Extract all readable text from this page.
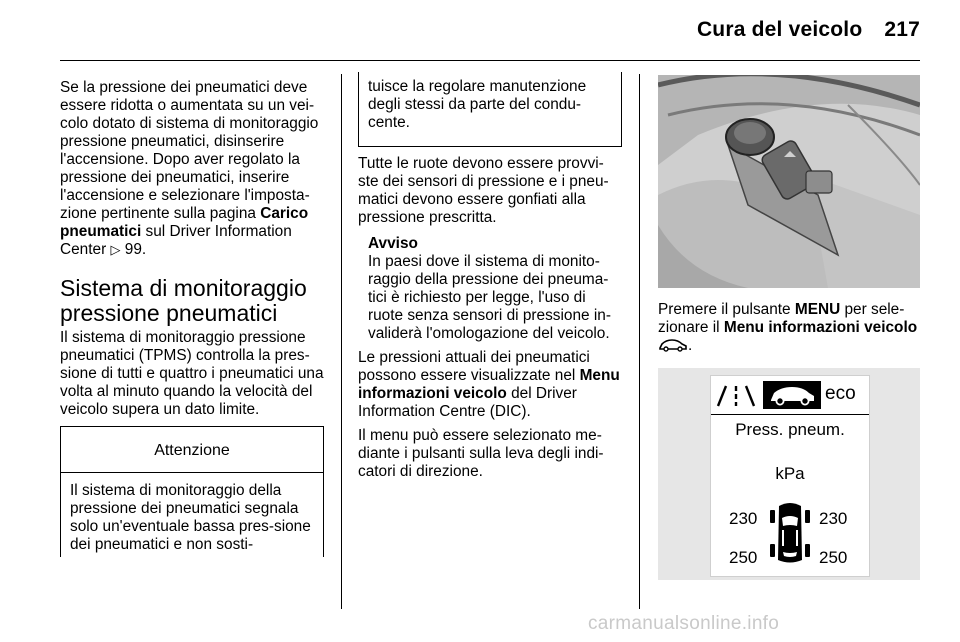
Cura del veicolo 217

Se la pressione dei pneumatici deve essere ridotta o aumentata su un vei-colo dotato di sistema di monitoraggio pressione pneumatici, disinserire l'accensione. Dopo aver regolato la pressione dei pneumatici, inserire l'accensione e selezionare l'imposta-zione pertinente sulla pagina Carico pneumatici sul Driver Information Center ▷ 99.

Sistema di monitoraggio pressione pneumatici

Il sistema di monitoraggio pressione pneumatici (TPMS) controlla la pres-sione di tutti e quattro i pneumatici una volta al minuto quando la velocità del veicolo supera un dato limite.

Attenzione
Il sistema di monitoraggio della pressione dei pneumatici segnala solo un'eventuale bassa pres-sione dei pneumatici e non sosti-
tuisce la regolare manutenzione degli stessi da parte del condu-cente.

Tutte le ruote devono essere provvi-ste dei sensori di pressione e i pneu-matici devono essere gonfiati alla pressione prescritta.

Avviso

In paesi dove il sistema di monito-raggio della pressione dei pneuma-tici è richiesto per legge, l'uso di ruote senza sensori di pressione in-validerà l'omologazione del veicolo.

Le pressioni attuali dei pneumatici possono essere visualizzate nel Menu informazioni veicolo del Driver Information Centre (DIC).

Il menu può essere selezionato me-diante i pulsanti sulla leva degli indi-catori di direzione.

Premere il pulsante MENU per sele-zionare il Menu informazioni veicolo
.

eco
Press. pneum.
kPa
230	230
250	250
carmanualsonline.info
